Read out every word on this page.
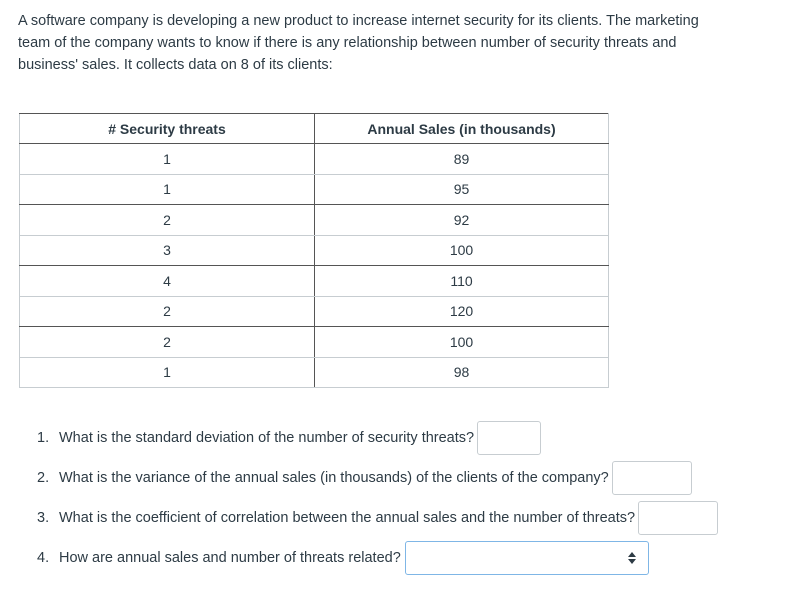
A software company is developing a new product to increase internet security for its clients. The marketing
team of the company wants to know if there is any relationship between number of security threats and
business' sales. It collects data on 8 of its clients:
# Security threats	Annual Sales (in thousands)
1	89
1	95
2	92
3	100
4	110
2	120
2	100
1	98
1. What is the standard deviation of the number of security threats?
2. What is the variance of the annual sales (in thousands) of the clients of the company?
3. What is the coefficient of correlation between the annual sales and the number of threats?
4. How are annual sales and number of threats related?
